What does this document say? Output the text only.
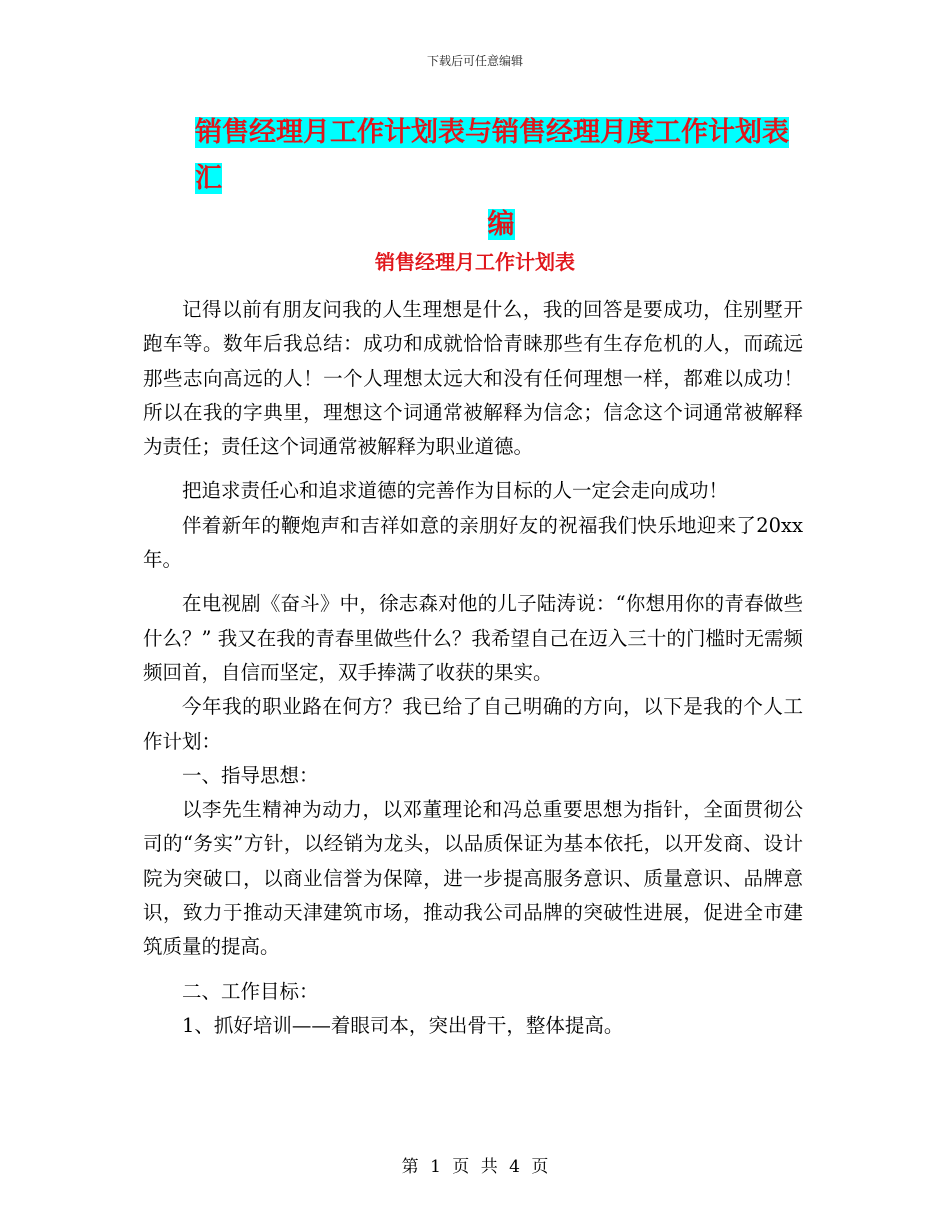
下载后可任意编辑
销售经理月工作计划表与销售经理月度工作计划表汇
编
销售经理月工作计划表

记得以前有朋友问我的人生理想是什么，我的回答是要成功，住别墅开跑车等。数年后我总结：成功和成就恰恰青睐那些有生存危机的人，而疏远那些志向高远的人！一个人理想太远大和没有任何理想一样，都难以成功！所以在我的字典里，理想这个词通常被解释为信念；信念这个词通常被解释为责任；责任这个词通常被解释为职业道德。

把追求责任心和追求道德的完善作为目标的人一定会走向成功！

伴着新年的鞭炮声和吉祥如意的亲朋好友的祝福我们快乐地迎来了20xx年。

在电视剧《奋斗》中，徐志森对他的儿子陆涛说：“你想用你的青春做些什么？” 我又在我的青春里做些什么？我希望自己在迈入三十的门槛时无需频频回首，自信而坚定，双手捧满了收获的果实。

今年我的职业路在何方？我已给了自己明确的方向，以下是我的个人工作计划：

一、指导思想：

以李先生精神为动力，以邓董理论和冯总重要思想为指针，全面贯彻公司的“务实”方针，以经销为龙头，以品质保证为基本依托，以开发商、设计院为突破口，以商业信誉为保障，进一步提高服务意识、质量意识、品牌意识，致力于推动天津建筑市场，推动我公司品牌的突破性进展，促进全市建筑质量的提高。

二、工作目标：

1、抓好培训——着眼司本，突出骨干，整体提高。

第 1 页 共 4 页
